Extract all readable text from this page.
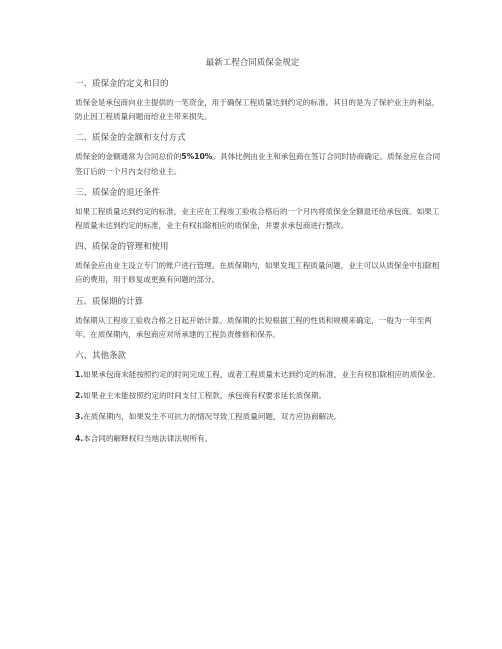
最新工程合同质保金规定
一、质保金的定义和目的
质保金是承包商向业主提供的一笔资金，用于确保工程质量达到约定的标准。其目的是为了保护业主的利益，防止因工程质量问题而给业主带来损失。
二、质保金的金额和支付方式
质保金的金额通常为合同总价的5%10%。具体比例由业主和承包商在签订合同时协商确定。质保金应在合同签订后的一个月内支付给业主。
三、质保金的退还条件
如果工程质量达到约定的标准，业主应在工程竣工验收合格后的一个月内将质保金全额退还给承包商。如果工程质量未达到约定的标准，业主有权扣除相应的质保金，并要求承包商进行整改。
四、质保金的管理和使用
质保金应由业主设立专门的账户进行管理。在质保期内，如果发现工程质量问题，业主可以从质保金中扣除相应的费用，用于修复或更换有问题的部分。
五、质保期的计算
质保期从工程竣工验收合格之日起开始计算。质保期的长短根据工程的性质和规模来确定，一般为一年至两年。在质保期内，承包商应对所承建的工程负责维修和保养。
六、其他条款
1.如果承包商未能按照约定的时间完成工程，或者工程质量未达到约定的标准，业主有权扣除相应的质保金。
2.如果业主未能按照约定的时间支付工程款，承包商有权要求延长质保期。
3.在质保期内，如果发生不可抗力的情况导致工程质量问题，双方应协商解决。
4.本合同的解释权归当地法律法规所有。
